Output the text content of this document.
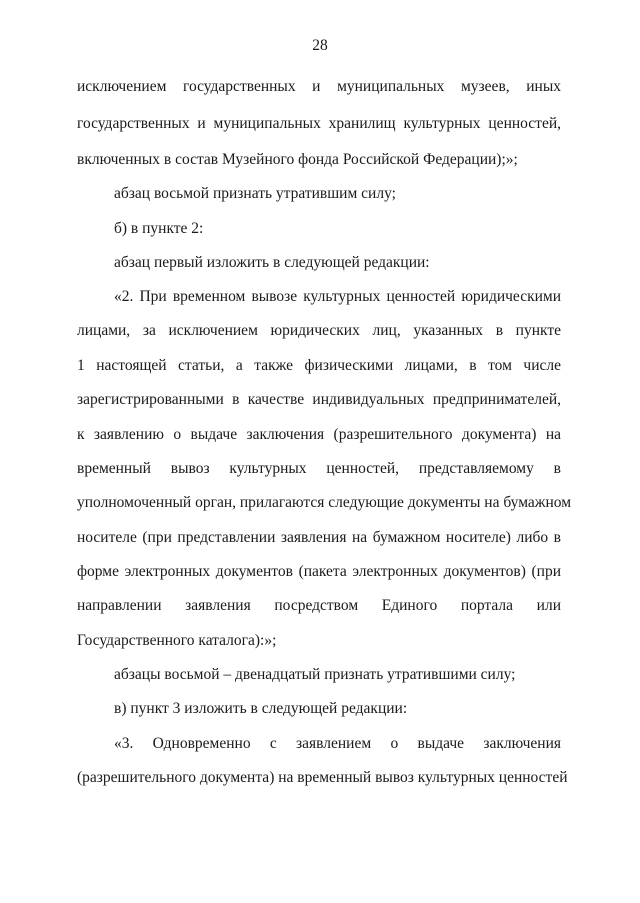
28
исключением государственных и муниципальных музеев, иных
государственных и муниципальных хранилищ культурных ценностей,
включенных в состав Музейного фонда Российской Федерации);»;
абзац восьмой признать утратившим силу;
б) в пункте 2:
абзац первый изложить в следующей редакции:
«2. При временном вывозе культурных ценностей юридическими
лицами, за исключением юридических лиц, указанных в пункте
1 настоящей статьи, а также физическими лицами, в том числе
зарегистрированными в качестве индивидуальных предпринимателей,
к заявлению о выдаче заключения (разрешительного документа) на
временный вывоз культурных ценностей, представляемому в
уполномоченный орган, прилагаются следующие документы на бумажном
носителе (при представлении заявления на бумажном носителе) либо в
форме электронных документов (пакета электронных документов) (при
направлении заявления посредством Единого портала или
Государственного каталога):»;
абзацы восьмой – двенадцатый признать утратившими силу;
в) пункт 3 изложить в следующей редакции:
«3. Одновременно с заявлением о выдаче заключения
(разрешительного документа) на временный вывоз культурных ценностей
